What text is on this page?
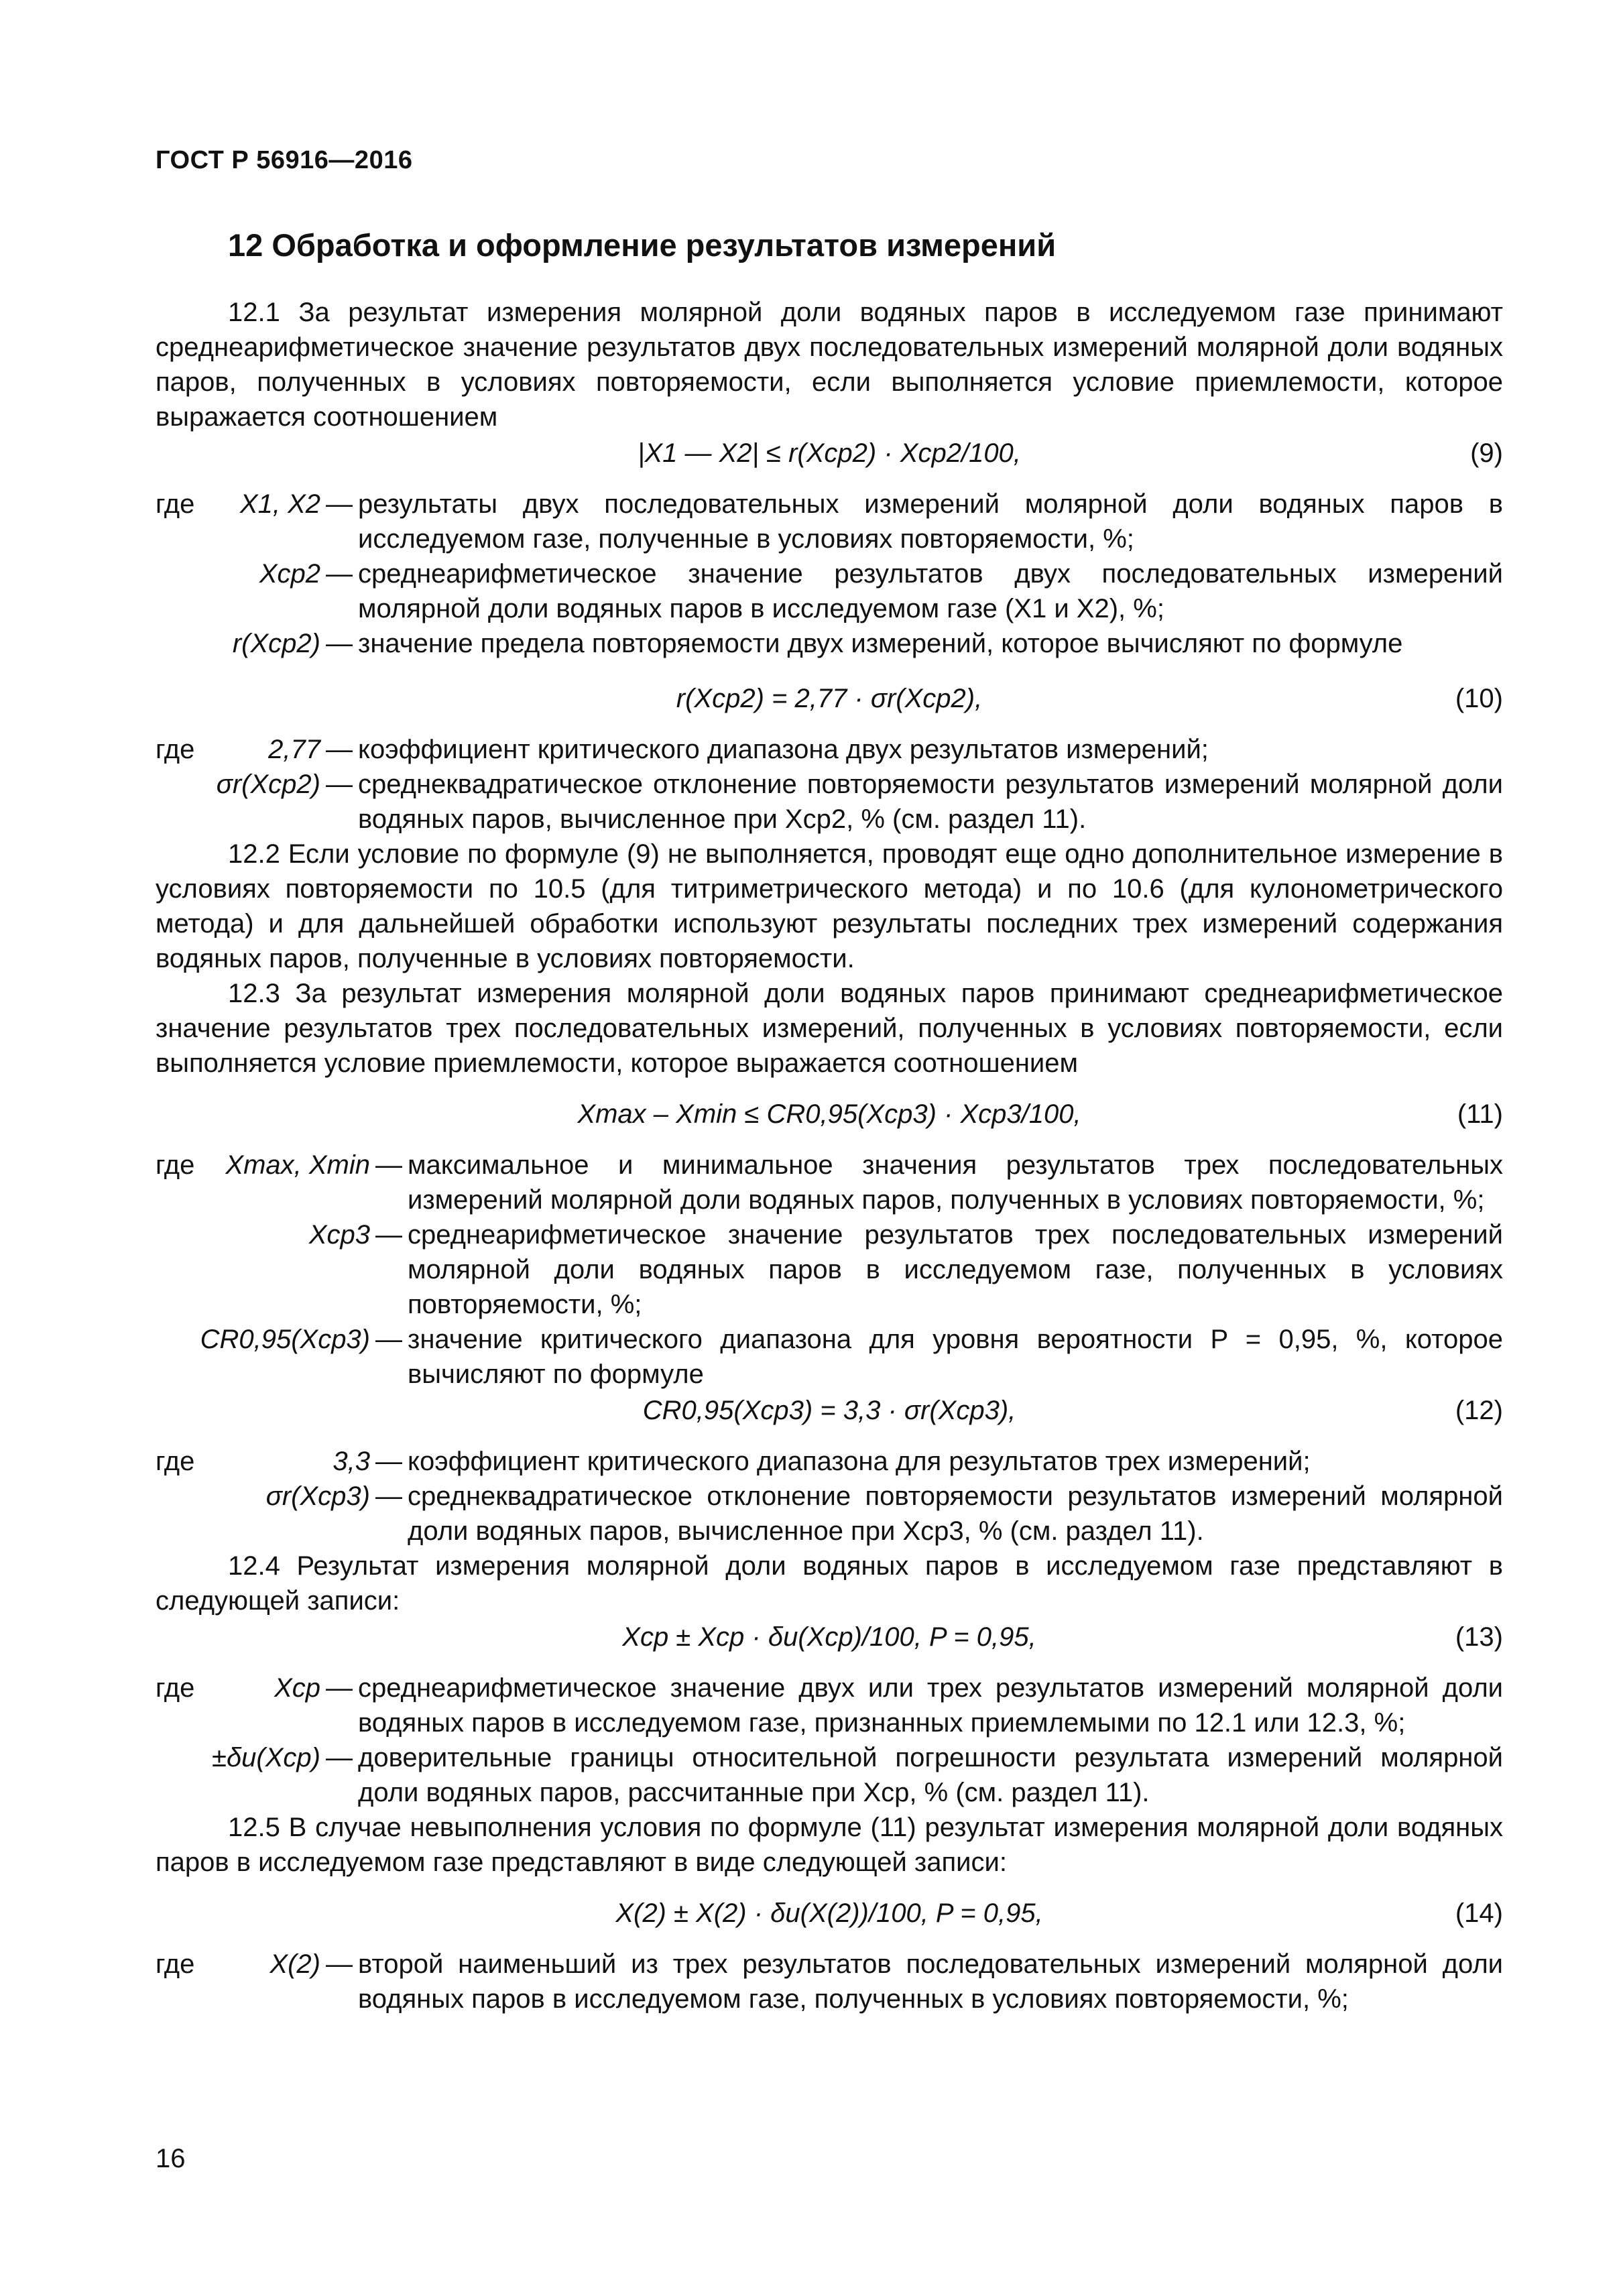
ГОСТ Р 56916—2016
12 Обработка и оформление результатов измерений

12.1 За результат измерения молярной доли водяных паров в исследуемом газе принимают среднеарифметическое значение результатов двух последовательных измерений молярной доли водяных паров, полученных в условиях повторяемости, если выполняется условие приемлемости, которое выражается соотношением

|X1 — X2| ≤ r(Xср2) · Xср2/100,	(9)
где X1, X2 — результаты двух последовательных измерений молярной доли водяных паров в исследуемом газе, полученные в условиях повторяемости, %;
Xср2 — среднеарифметическое значение результатов двух последовательных измерений молярной доли водяных паров в исследуемом газе (X1 и X2), %;
r(Xср2) — значение предела повторяемости двух измерений, которое вычисляют по формуле
r(Xср2) = 2,77 · σr(Xср2),	(10)
где	2,77 — коэффициент критического диапазона двух результатов измерений;
σr(Xср2) — среднеквадратическое отклонение повторяемости результатов измерений молярной доли водяных паров, вычисленное при Xср2, % (см. раздел 11).

12.2 Если условие по формуле (9) не выполняется, проводят еще одно дополнительное измерение в условиях повторяемости по 10.5 (для титриметрического метода) и по 10.6 (для кулонометрического метода) и для дальнейшей обработки используют результаты последних трех измерений содержания водяных паров, полученные в условиях повторяемости.

12.3 За результат измерения молярной доли водяных паров принимают среднеарифметическое значение результатов трех последовательных измерений, полученных в условиях повторяемости, если выполняется условие приемлемости, которое выражается соотношением

Xmax – Xmin ≤ CR0,95(Xср3) · Xср3/100,	(11)
где Xmax, Xmin — максимальное и минимальное значения результатов трех последовательных измерений молярной доли водяных паров, полученных в условиях повторяемости, %;
Xср3 — среднеарифметическое значение результатов трех последовательных измерений молярной доли водяных паров в исследуемом газе, полученных в условиях повторяемости, %;
CR0,95(Xср3) — значение критического диапазона для уровня вероятности P = 0,95, %, которое вычисляют по формуле
CR0,95(Xср3) = 3,3 · σr(Xср3),	(12)
где	3,3 — коэффициент критического диапазона для результатов трех измерений;
σr(Xср3) — среднеквадратическое отклонение повторяемости результатов измерений молярной доли водяных паров, вычисленное при Xср3, % (см. раздел 11).

12.4 Результат измерения молярной доли водяных паров в исследуемом газе представляют в следующей записи:

Xср ± Xср · δи(Xср)/100, P = 0,95,	(13)
где	Xср — среднеарифметическое значение двух или трех результатов измерений молярной доли водяных паров в исследуемом газе, признанных приемлемыми по 12.1 или 12.3, %;
±δи(Xср) — доверительные границы относительной погрешности результата измерений молярной доли водяных паров, рассчитанные при Xср, % (см. раздел 11).

12.5 В случае невыполнения условия по формуле (11) результат измерения молярной доли водяных паров в исследуемом газе представляют в виде следующей записи:

X(2) ± X(2) · δи(X(2))/100, P = 0,95,	(14)
где	X(2) — второй наименьший из трех результатов последовательных измерений молярной доли водяных паров в исследуемом газе, полученных в условиях повторяемости, %;
16
